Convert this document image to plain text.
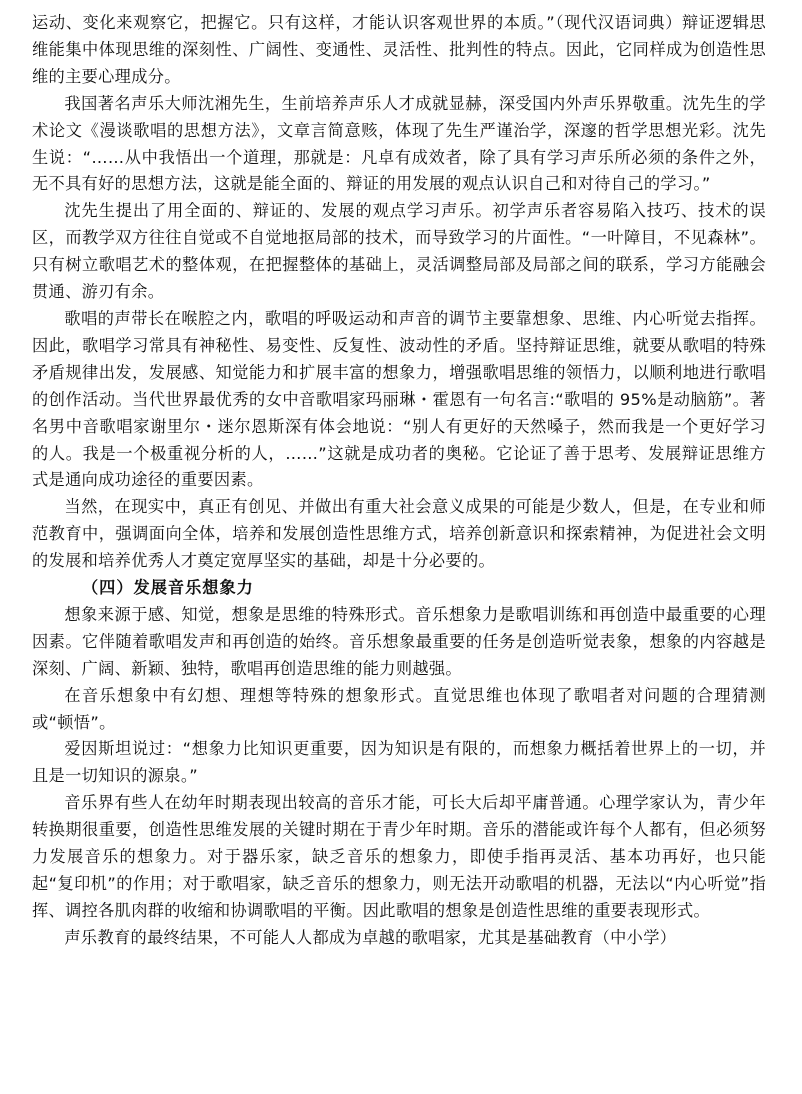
运动、变化来观察它，把握它。只有这样，才能认识客观世界的本质。”（现代汉语词典）辩证逻辑思维能集中体现思维的深刻性、广阔性、变通性、灵活性、批判性的特点。因此，它同样成为创造性思维的主要心理成分。

我国著名声乐大师沈湘先生，生前培养声乐人才成就显赫，深受国内外声乐界敬重。沈先生的学术论文《漫谈歌唱的思想方法》，文章言简意赅，体现了先生严谨治学，深邃的哲学思想光彩。沈先生说：“……从中我悟出一个道理，那就是：凡卓有成效者，除了具有学习声乐所必须的条件之外，无不具有好的思想方法，这就是能全面的、辩证的用发展的观点认识自己和对待自己的学习。”

沈先生提出了用全面的、辩证的、发展的观点学习声乐。初学声乐者容易陷入技巧、技术的误区，而教学双方往往自觉或不自觉地抠局部的技术，而导致学习的片面性。“一叶障目，不见森林”。只有树立歌唱艺术的整体观，在把握整体的基础上，灵活调整局部及局部之间的联系，学习方能融会贯通、游刃有余。

歌唱的声带长在喉腔之内，歌唱的呼吸运动和声音的调节主要靠想象、思维、内心听觉去指挥。因此，歌唱学习常具有神秘性、易变性、反复性、波动性的矛盾。坚持辩证思维，就要从歌唱的特殊矛盾规律出发，发展感、知觉能力和扩展丰富的想象力，增强歌唱思维的领悟力，以顺利地进行歌唱的创作活动。当代世界最优秀的女中音歌唱家玛丽琳・霍恩有一句名言:“歌唱的 95%是动脑筋”。著名男中音歌唱家谢里尔・迷尔恩斯深有体会地说：“别人有更好的天然嗓子，然而我是一个更好学习的人。我是一个极重视分析的人，……”这就是成功者的奥秘。它论证了善于思考、发展辩证思维方式是通向成功途径的重要因素。

当然，在现实中，真正有创见、并做出有重大社会意义成果的可能是少数人，但是，在专业和师范教育中，强调面向全体，培养和发展创造性思维方式，培养创新意识和探索精神，为促进社会文明的发展和培养优秀人才奠定宽厚坚实的基础，却是十分必要的。

（四）发展音乐想象力

想象来源于感、知觉，想象是思维的特殊形式。音乐想象力是歌唱训练和再创造中最重要的心理因素。它伴随着歌唱发声和再创造的始终。音乐想象最重要的任务是创造听觉表象，想象的内容越是深刻、广阔、新颖、独特，歌唱再创造思维的能力则越强。

在音乐想象中有幻想、理想等特殊的想象形式。直觉思维也体现了歌唱者对问题的合理猜测或“顿悟”。

爱因斯坦说过：“想象力比知识更重要，因为知识是有限的，而想象力概括着世界上的一切，并且是一切知识的源泉。”

音乐界有些人在幼年时期表现出较高的音乐才能，可长大后却平庸普通。心理学家认为，青少年转换期很重要，创造性思维发展的关键时期在于青少年时期。音乐的潜能或许每个人都有，但必须努力发展音乐的想象力。对于器乐家，缺乏音乐的想象力，即使手指再灵活、基本功再好，也只能起“复印机”的作用；对于歌唱家，缺乏音乐的想象力，则无法开动歌唱的机器，无法以“内心听觉”指挥、调控各肌肉群的收缩和协调歌唱的平衡。因此歌唱的想象是创造性思维的重要表现形式。

声乐教育的最终结果，不可能人人都成为卓越的歌唱家，尤其是基础教育（中小学）
